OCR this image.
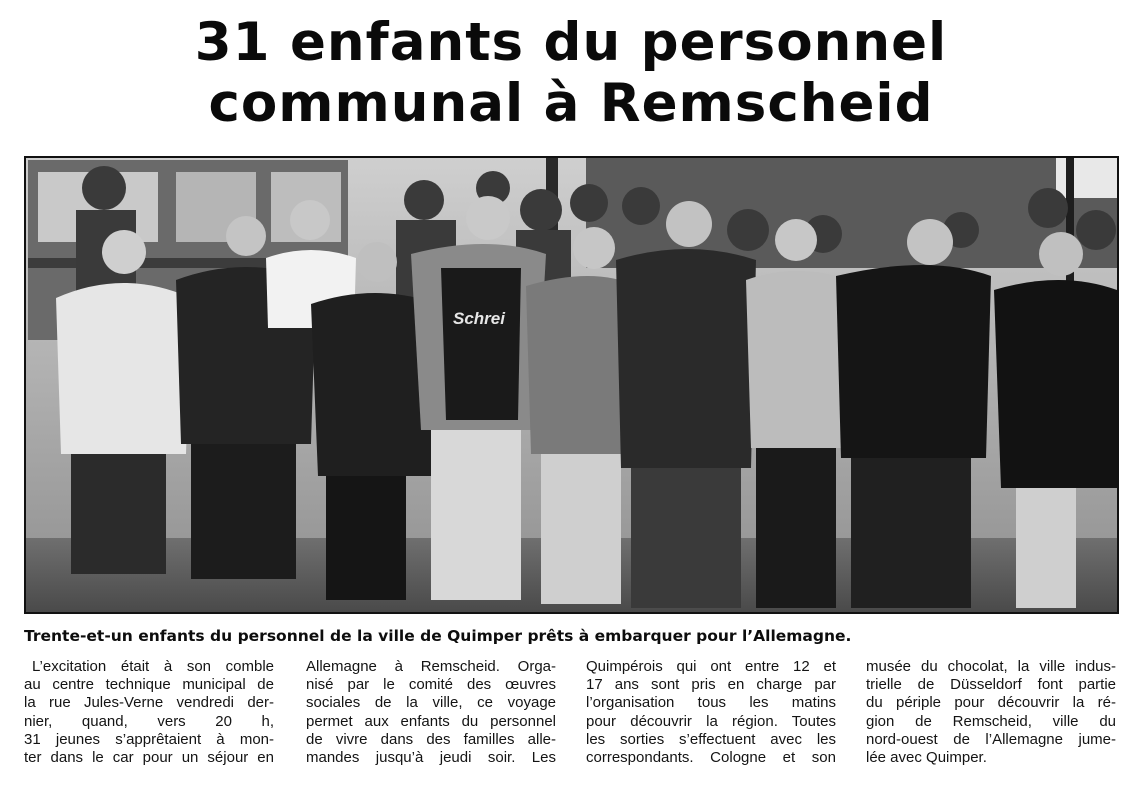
31 enfants du personnel
communal à Remscheid
Schrei

Trente-et-un enfants du personnel de la ville de Quimper prêts à embarquer pour l’Allemagne.

L’excitation était à son comble
au centre technique municipal de
la rue Jules-Verne vendredi der-
nier, quand, vers 20 h,
31 jeunes s’apprêtaient à mon-
ter dans le car pour un séjour en
Allemagne à Remscheid. Orga-
nisé par le comité des œuvres
sociales de la ville, ce voyage
permet aux enfants du personnel
de vivre dans des familles alle-
mandes jusqu’à jeudi soir. Les
Quimpérois qui ont entre 12 et
17 ans sont pris en charge par
l’organisation tous les matins
pour découvrir la région. Toutes
les sorties s’effectuent avec les
correspondants. Cologne et son
musée du chocolat, la ville indus-
trielle de Düsseldorf font partie
du périple pour découvrir la ré-
gion de Remscheid, ville du
nord-ouest de l’Allemagne jume-
lée avec Quimper.
